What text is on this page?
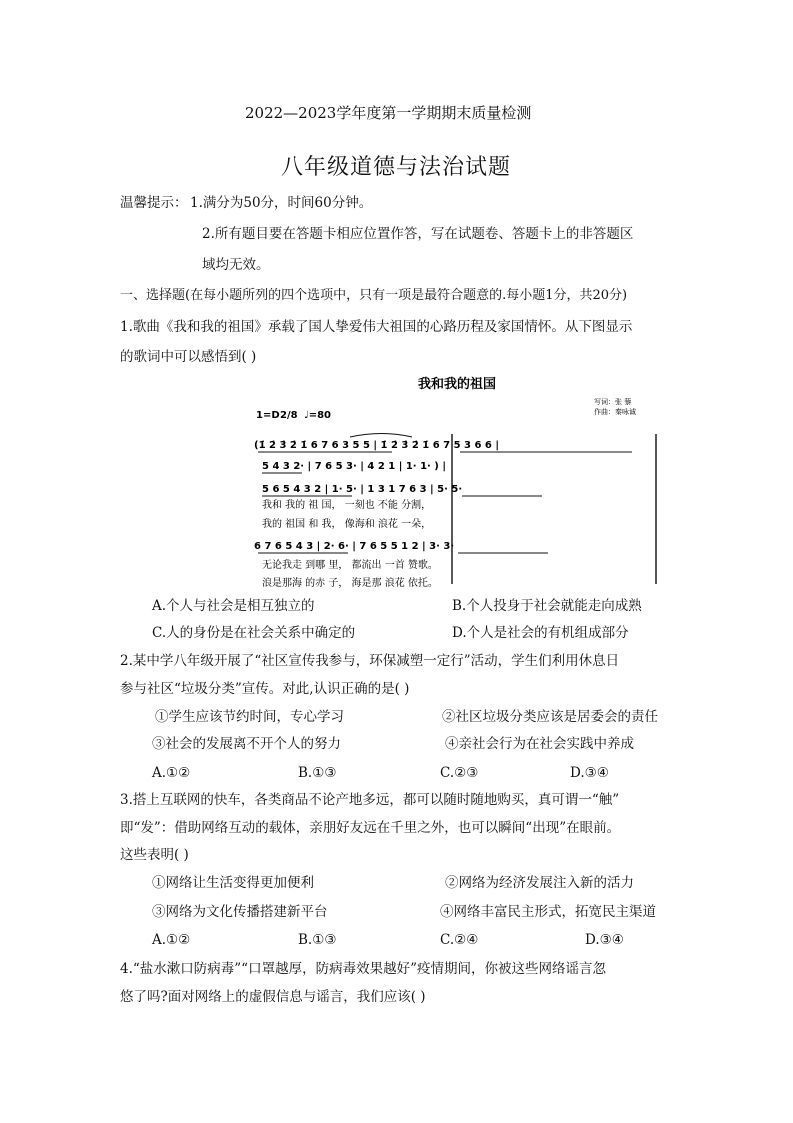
2022—2023学年度第一学期期末质量检测
八年级道德与法治试题
温馨提示： 1.满分为50分，时间60分钟。
2.所有题目要在答题卡相应位置作答，写在试题卷、答题卡上的非答题区
域均无效。
一、选择题(在每小题所列的四个选项中，只有一项是最符合题意的.每小题1分，共20分)
1.歌曲《我和我的祖国》承载了国人挚爱伟大祖国的心路历程及家国情怀。从下图显示
的歌词中可以感悟到( )
我和我的祖国
1=D 2/8 ♩=80
写词：张 藜
作曲：秦咏诚
(1̇ 2̇ 3̇ 2̇ 1̇ 6 7 6 3 5 5 | 1̇ 2̇ 3̇ 2̇ 1̇ 6 7 5 3 6 6 |
5 4 3 2· | 7 6 5 3· | 4 2 1 | 1· 1· ) |
5 6 5 4 3 2 | 1· 5· | 1 3 1 7 6 3 | 5· 5·
我和 我的 祖 国， 一刻也 不能 分割，
我的 祖国 和 我， 像海和 浪花 一朵，
6 7 6 5 4 3 | 2· 6· | 7 6 5 5 1 2 | 3· 3·
无论我走 到哪 里， 都流出 一首 赞歌。
浪是那海 的赤 子， 海是那 浪花 依托。
A.个人与社会是相互独立的	B.个人投身于社会就能走向成熟
C.人的身份是在社会关系中确定的	D.个人是社会的有机组成部分
2.某中学八年级开展了“社区宣传我参与，环保减塑一定行”活动，学生们利用休息日
参与社区“垃圾分类”宣传。对此,认识正确的是( )
①学生应该节约时间，专心学习	②社区垃圾分类应该是居委会的责任
③社会的发展离不开个人的努力	④亲社会行为在社会实践中养成
A.①②	B.①③	C.②③	D.③④
3.搭上互联网的快车，各类商品不论产地多远，都可以随时随地购买，真可谓一“触”
即“发”：借助网络互动的载体，亲朋好友远在千里之外，也可以瞬间“出现”在眼前。
这些表明( )
①网络让生活变得更加便利	②网络为经济发展注入新的活力
③网络为文化传播搭建新平台	④网络丰富民主形式，拓宽民主渠道
A.①②	B.①③	C.②④	D.③④
4.“盐水漱口防病毒”“口罩越厚，防病毒效果越好”疫情期间，你被这些网络谣言忽
悠了吗?面对网络上的虚假信息与谣言，我们应该( )
